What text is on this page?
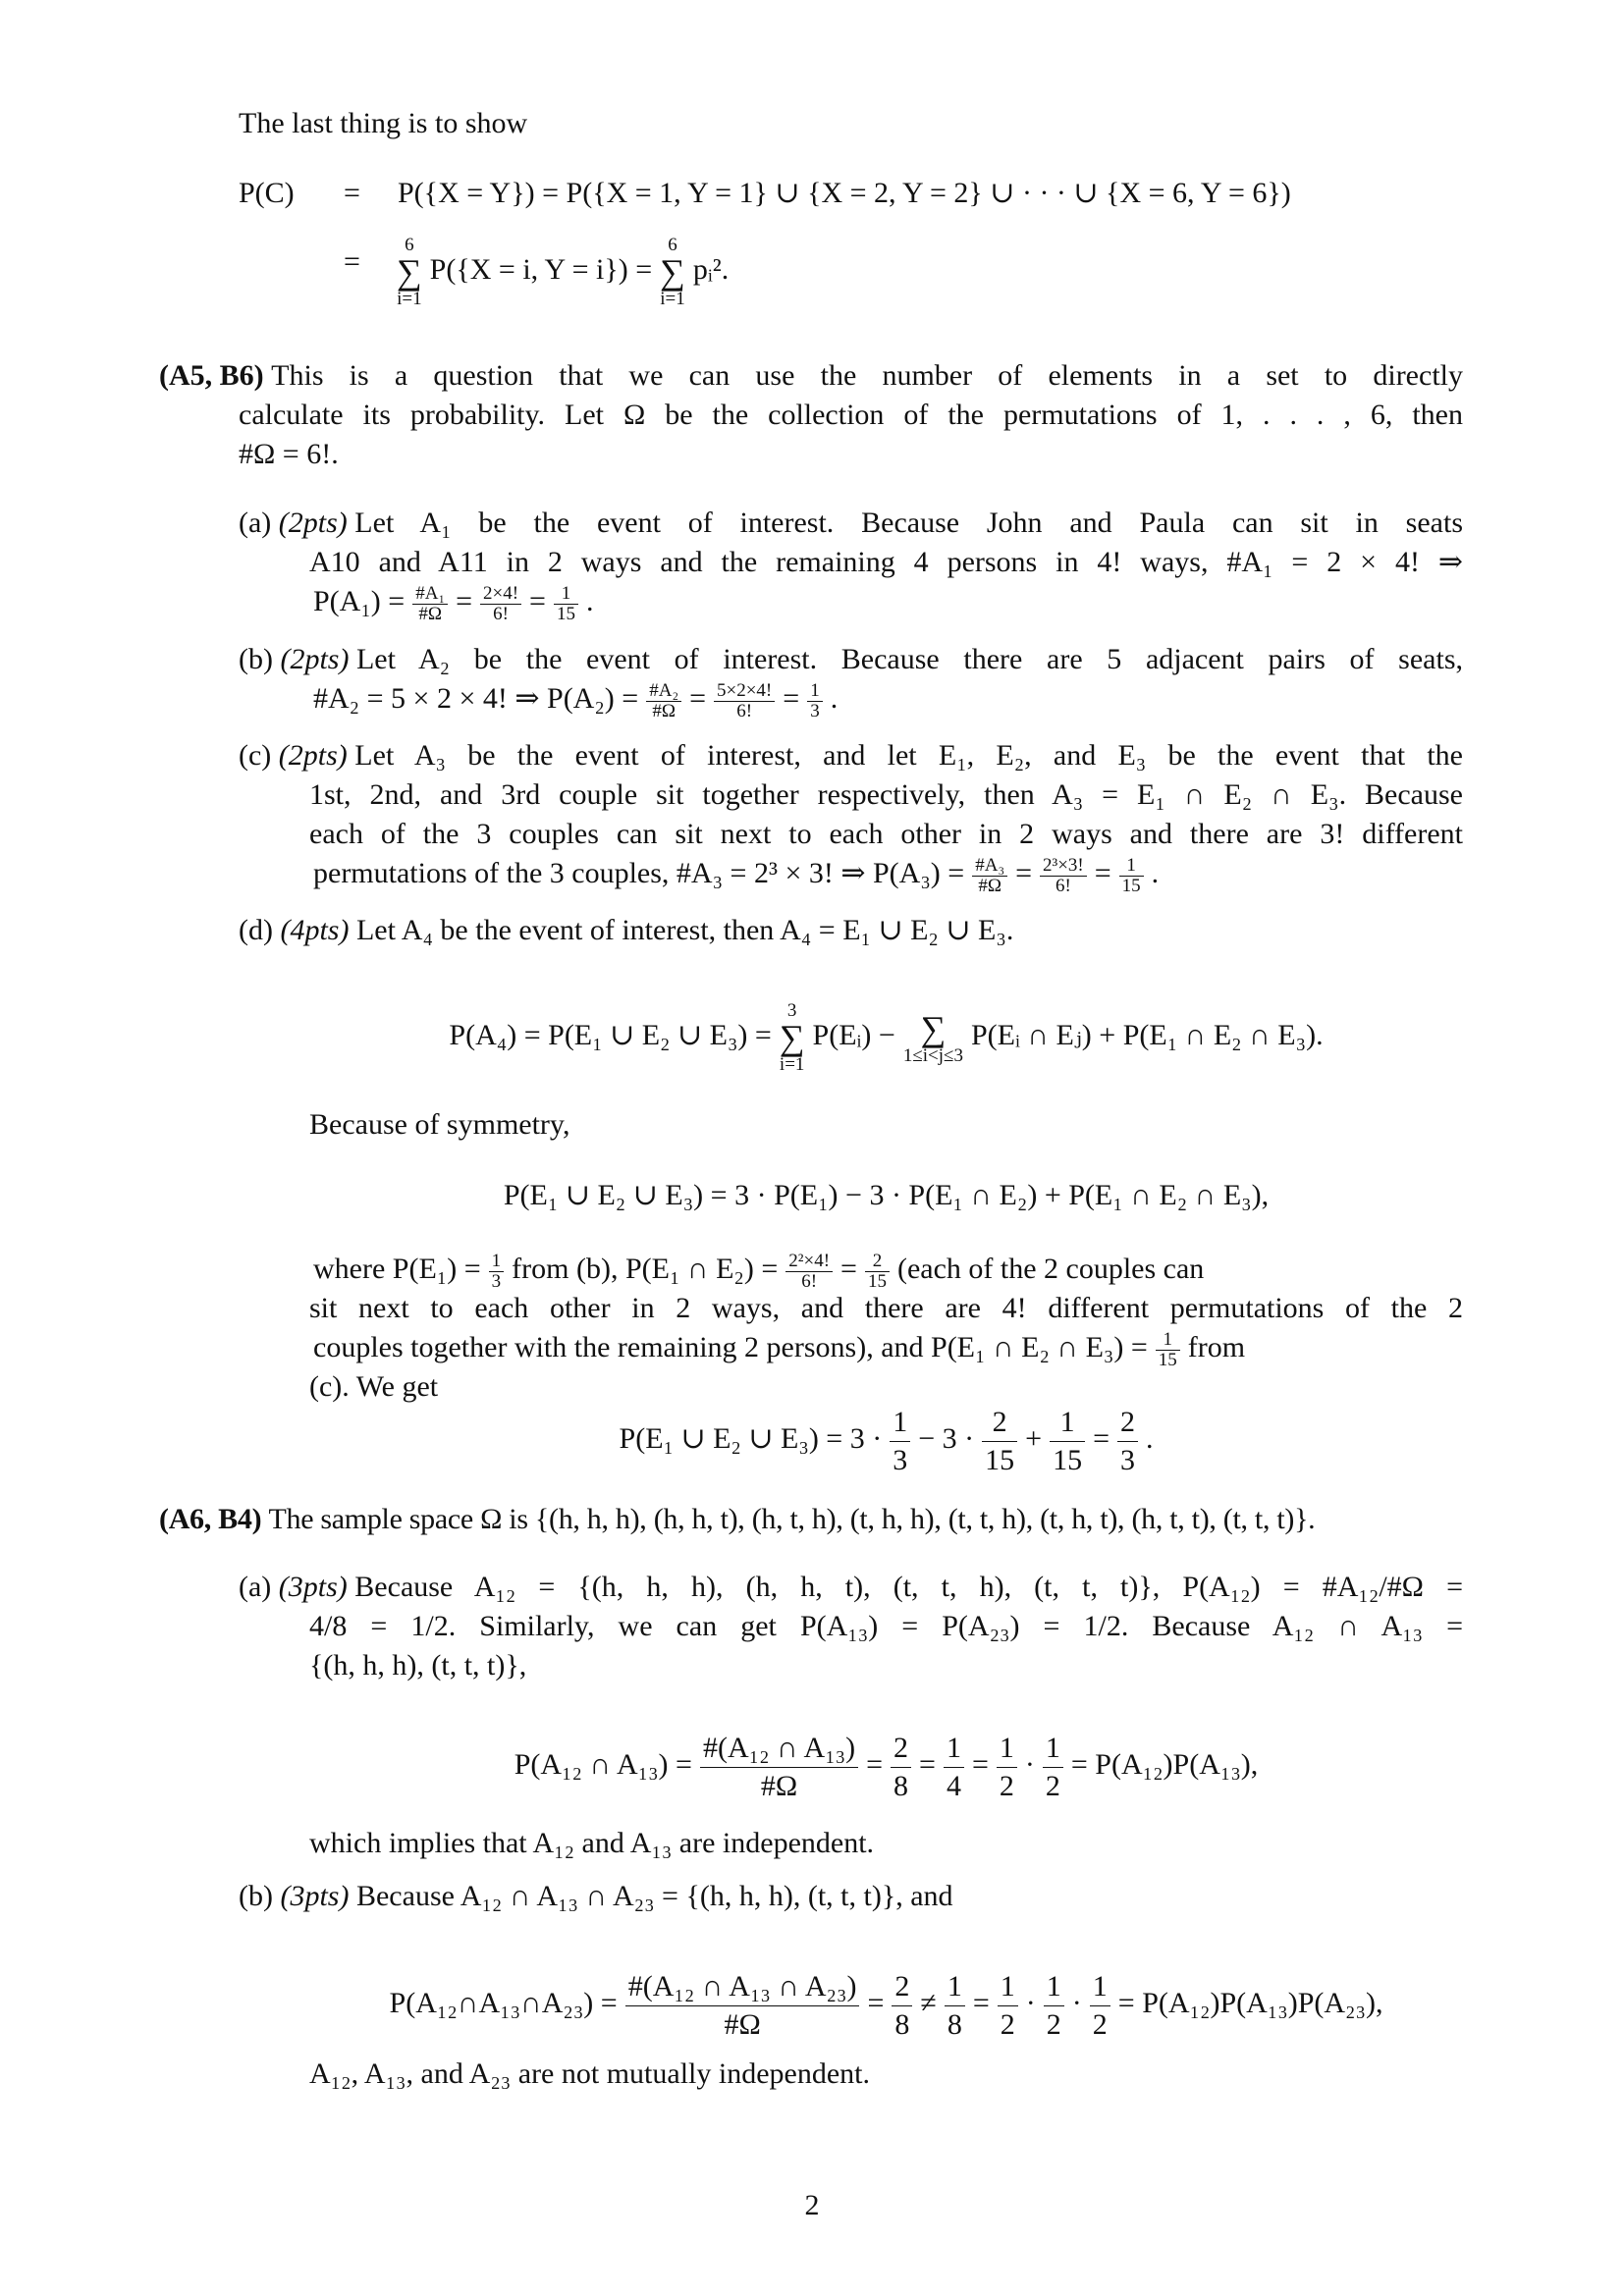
The last thing is to show
P(C) = P({X = Y}) = P({X = 1, Y = 1} ∪ {X = 2, Y = 2} ∪ · · · ∪ {X = 6, Y = 6})
=
6
∑
i=1
P({X = i, Y = i}) =
6
∑
i=1
pᵢ².
(A5, B6) This is a question that we can use the number of elements in a set to directly
calculate its probability. Let Ω be the collection of the permutations of 1, . . . , 6, then
#Ω = 6!.
(a)
(2pts)
Let A₁ be the event of interest. Because John and Paula can sit in seats
A10 and A11 in 2 ways and the remaining 4 persons in 4! ways, #A₁ = 2 × 4! ⇒
$P(A_1) = \frac{\text{\#A₁}}{\#\Omega} = \frac{2\times 4!}{6!} = \frac{1}{15}$ .
(b)
(2pts)
Let A₂ be the event of interest. Because there are 5 adjacent pairs of seats,
#A₂ = 5 × 2 × 4! ⇒ $P(A_2) = \frac{\text{\#A₂}}{\#\Omega} = \frac{5\times 2\times 4!}{6!} = \frac{1}{3}$ .
(c)
(2pts)
Let A₃ be the event of interest, and let E₁, E₂, and E₃ be the event that the
1st, 2nd, and 3rd couple sit together respectively, then A₃ = E₁ ∩ E₂ ∩ E₃. Because
each of the 3 couples can sit next to each other in 2 ways and there are 3! different
permutations of the 3 couples, #A₃ = 2³ × 3! ⇒ $P(A_3) = \frac{\text{\#A₃}}{\#\Omega} = \frac{\text{2³×3!}}{6!} = \frac{1}{15}$ .
(d) (4pts) Let A₄ be the event of interest, then A₄ = E₁ ∪ E₂ ∪ E₃.
P(A₄) = P(E₁ ∪ E₂ ∪ E₃) =
3
∑
i=1
P(Eᵢ) − ∑
1≤i<j≤3
P(Eᵢ ∩ Eⱼ) + P(E₁ ∩ E₂ ∩ E₃).
Because of symmetry,
P(E₁ ∪ E₂ ∪ E₃) = 3 · P(E₁) − 3 · P(E₁ ∩ E₂) + P(E₁ ∩ E₂ ∩ E₃),
where $P(E_1) = \frac{1}{3}$ from (b), P(E₁ ∩ $E_2) = \frac{\text{2²×4!}}{6!} = \frac{2}{15}$ (each of the 2 couples can
sit next to each other in 2 ways, and there are 4! different permutations of the 2
couples together with the remaining 2 persons), and P(E₁ ∩ E₂ ∩ $E_3) = \frac{1}{15}$ from
(c). We get
P(E₁ ∪ E₂ ∪ $E_3) = 3 \cdot \frac{1}{3} - 3 \cdot \frac{2}{15} + \frac{1}{15} = \frac{2}{3}$ .
(A6, B4) The sample space Ω is {(h, h, h), (h, h, t), (h, t, h), (t, h, h), (t, t, h), (t, h, t), (h, t, t), (t, t, t)}.
(a)
(3pts)
Because A₁₂ = {(h, h, h), (h, h, t), (t, t, h), (t, t, t)}, P(A₁₂) = #A₁₂/#Ω =
4/8 = 1/2. Similarly, we can get P(A₁₃) = P(A₂₃) = 1/2. Because A₁₂ ∩ A₁₃ =
{(h, h, h), (t, t, t)},
P(A₁₂ ∩ $A_{13}) = \frac{\text{\#(A₁₂ ∩ A₁₃)}}{\#\Omega} = \frac{2}{8} = \frac{1}{4} = \frac{1}{2} \cdot \frac{1}{2} = P(A_{12})P(A_{13})$,
which implies that A₁₂ and A₁₃ are independent.
(b) (3pts) Because A₁₂ ∩ A₁₃ ∩ A₂₃ = {(h, h, h), (t, t, t)}, and
P(A₁₂∩A₁₃∩A₂₃) = $\frac{\text{\#(A₁₂ ∩ A₁₃ ∩ A₂₃)}}{\#\Omega} = \frac{2}{8} \ne \frac{1}{8} = \frac{1}{2} \cdot \frac{1}{2} \cdot \frac{1}{2} = P(A_{12})P(A_{13})P(A_{23})$,
A₁₂, A₁₃, and A₂₃ are not mutually independent.
2
